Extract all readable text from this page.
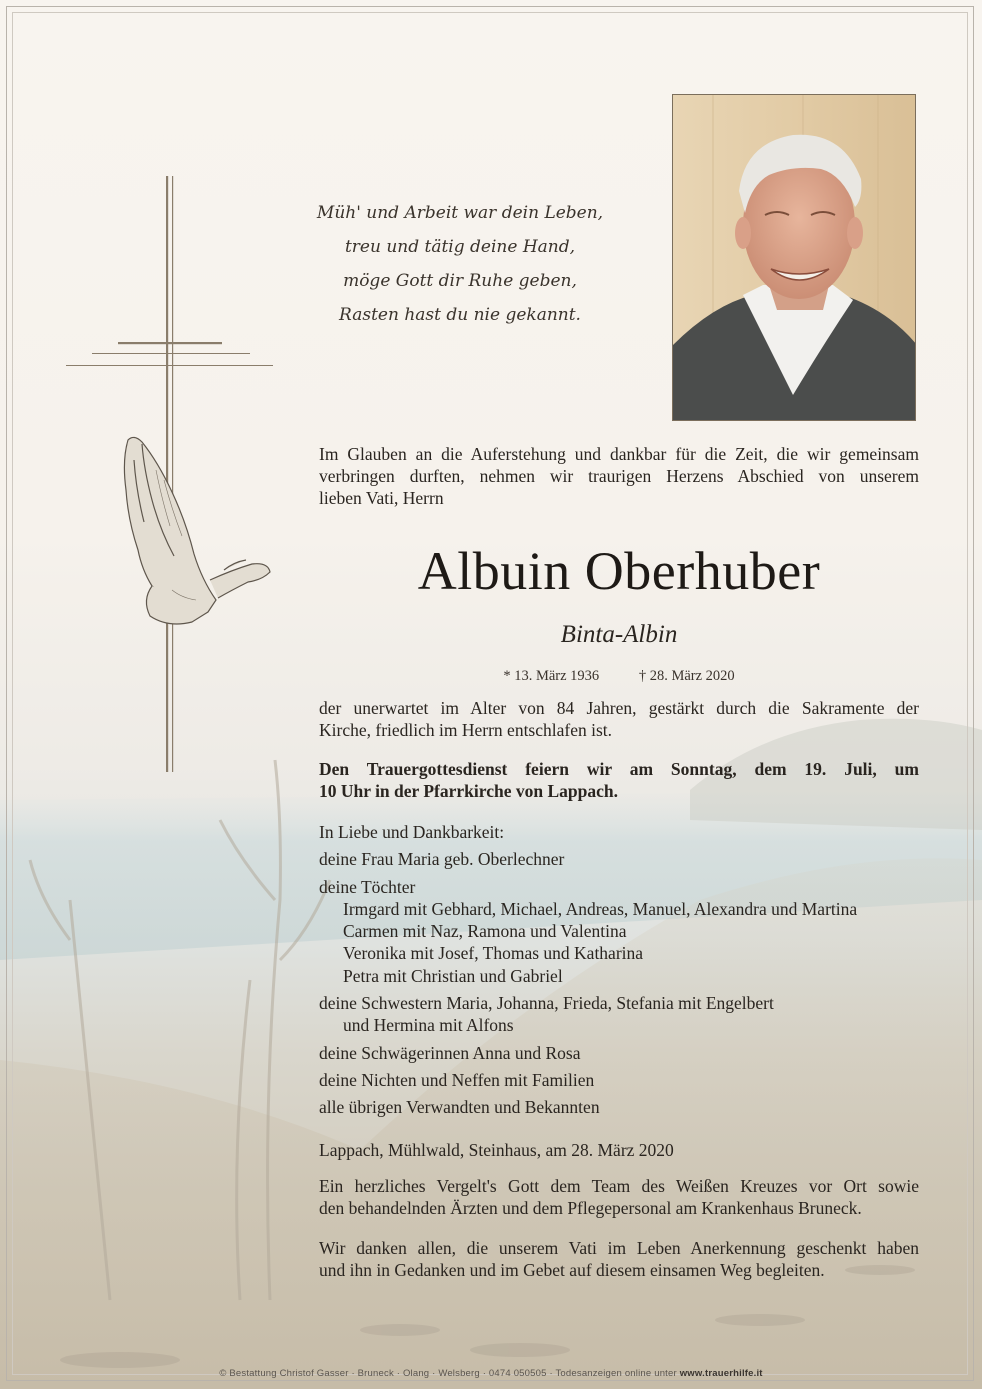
Müh' und Arbeit war dein Leben,
treu und tätig deine Hand,
möge Gott dir Ruhe geben,
Rasten hast du nie gekannt.
Im Glauben an die Auferstehung und dankbar für die Zeit, die wir gemeinsam
verbringen durften, nehmen wir traurigen Herzens Abschied von unserem
lieben Vati, Herrn
Albuin Oberhuber
Binta-Albin
* 13. März 1936	† 28. März 2020
der unerwartet im Alter von 84 Jahren, gestärkt durch die Sakramente der
Kirche, friedlich im Herrn entschlafen ist.
Den Trauergottesdienst feiern wir am Sonntag, dem 19. Juli, um
10 Uhr in der Pfarrkirche von Lappach.
In Liebe und Dankbarkeit:
deine Frau Maria geb. Oberlechner
deine Töchter
Irmgard mit Gebhard, Michael, Andreas, Manuel, Alexandra und Martina
Carmen mit Naz, Ramona und Valentina
Veronika mit Josef, Thomas und Katharina
Petra mit Christian und Gabriel
deine Schwestern Maria, Johanna, Frieda, Stefania mit Engelbert
und Hermina mit Alfons
deine Schwägerinnen Anna und Rosa
deine Nichten und Neffen mit Familien
alle übrigen Verwandten und Bekannten
Lappach, Mühlwald, Steinhaus, am 28. März 2020
Ein herzliches Vergelt's Gott dem Team des Weißen Kreuzes vor Ort sowie
den behandelnden Ärzten und dem Pflegepersonal am Krankenhaus Bruneck.
Wir danken allen, die unserem Vati im Leben Anerkennung geschenkt haben
und ihn in Gedanken und im Gebet auf diesem einsamen Weg begleiten.
© Bestattung Christof Gasser · Bruneck · Olang · Welsberg · 0474 050505 · Todesanzeigen online unter www.trauerhilfe.it
